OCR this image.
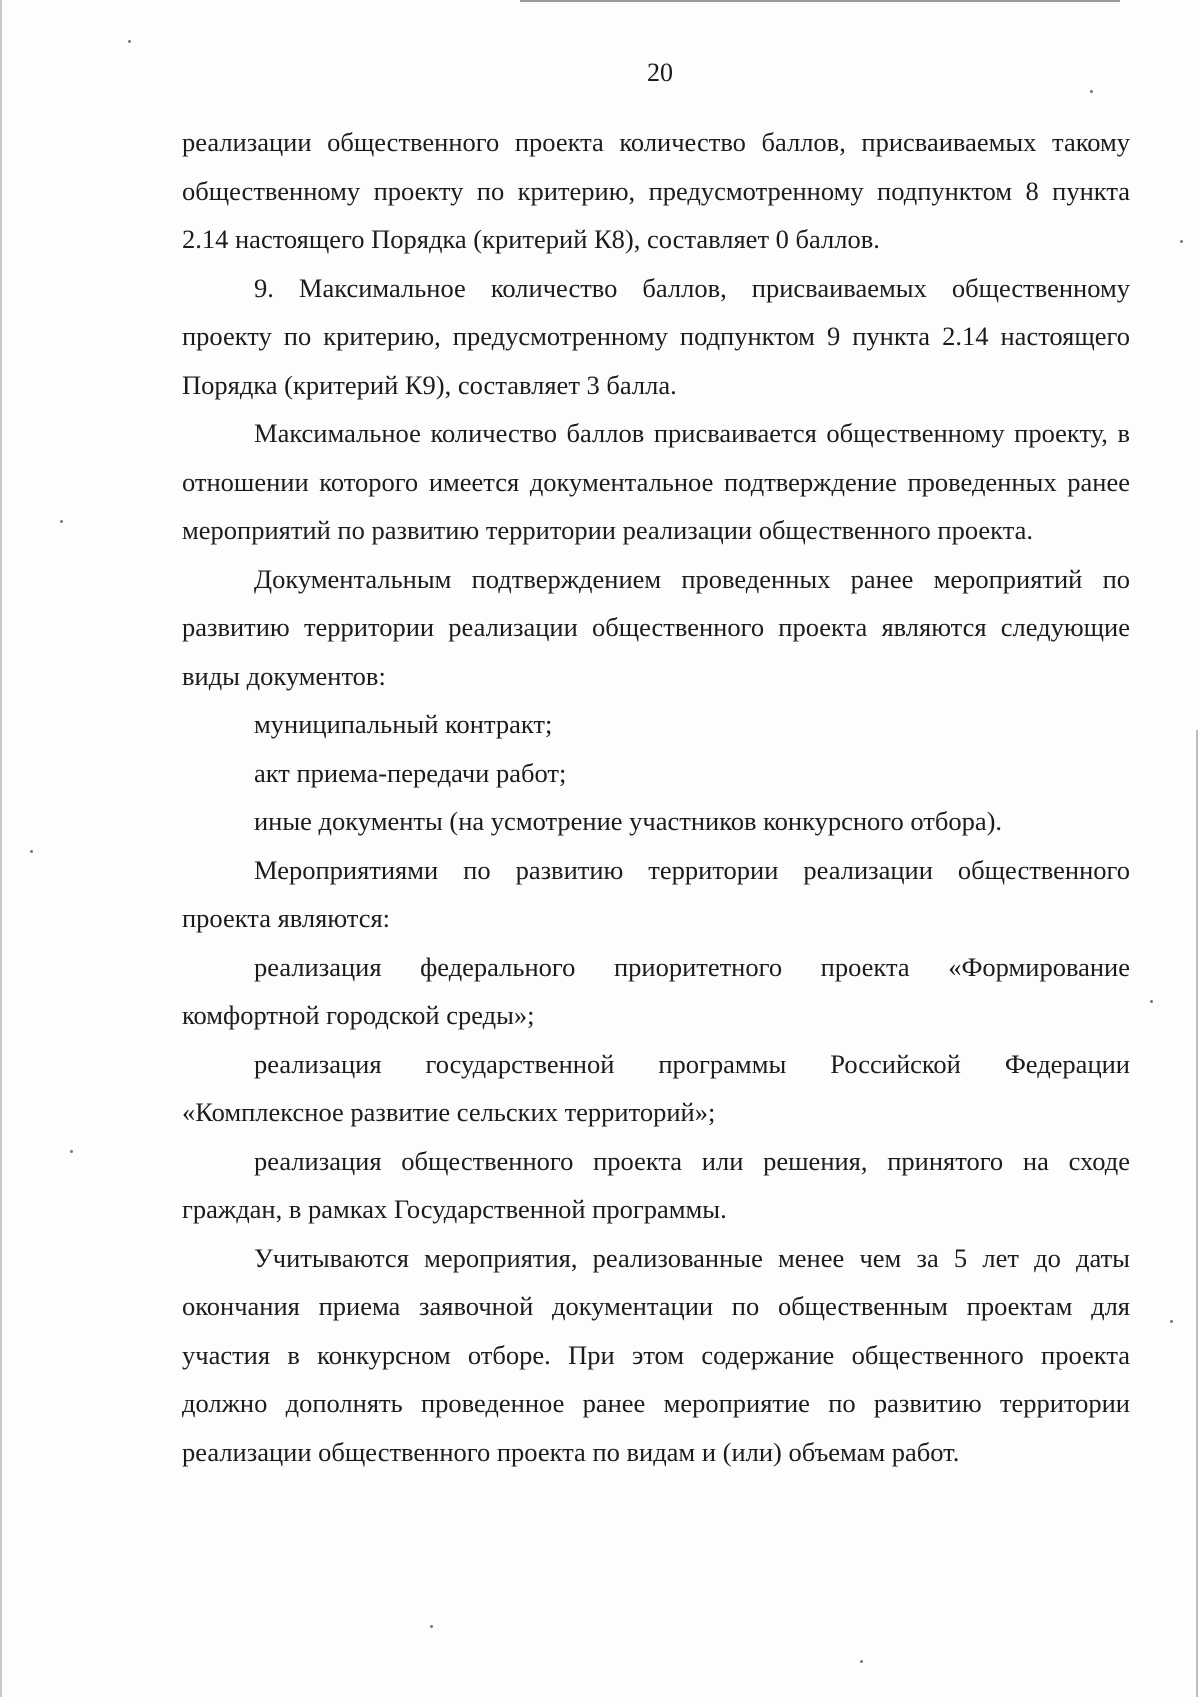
20

реализации общественного проекта количество баллов, присваиваемых такому общественному проекту по критерию, предусмотренному подпунктом 8 пункта 2.14 настоящего Порядка (критерий К8), составляет 0 баллов.

9. Максимальное количество баллов, присваиваемых общественному проекту по критерию, предусмотренному подпунктом 9 пункта 2.14 настоящего Порядка (критерий К9), составляет 3 балла.

Максимальное количество баллов присваивается общественному проекту, в отношении которого имеется документальное подтверждение проведенных ранее мероприятий по развитию территории реализации общественного проекта.

Документальным подтверждением проведенных ранее мероприятий по развитию территории реализации общественного проекта являются следующие виды документов:

муниципальный контракт;

акт приема-передачи работ;

иные документы (на усмотрение участников конкурсного отбора).

Мероприятиями по развитию территории реализации общественного проекта являются:

реализация федерального приоритетного проекта «Формирование комфортной городской среды»;

реализация государственной программы Российской Федерации «Комплексное развитие сельских территорий»;

реализация общественного проекта или решения, принятого на сходе граждан, в рамках Государственной программы.

Учитываются мероприятия, реализованные менее чем за 5 лет до даты окончания приема заявочной документации по общественным проектам для участия в конкурсном отборе. При этом содержание общественного проекта должно дополнять проведенное ранее мероприятие по развитию территории реализации общественного проекта по видам и (или) объемам работ.
